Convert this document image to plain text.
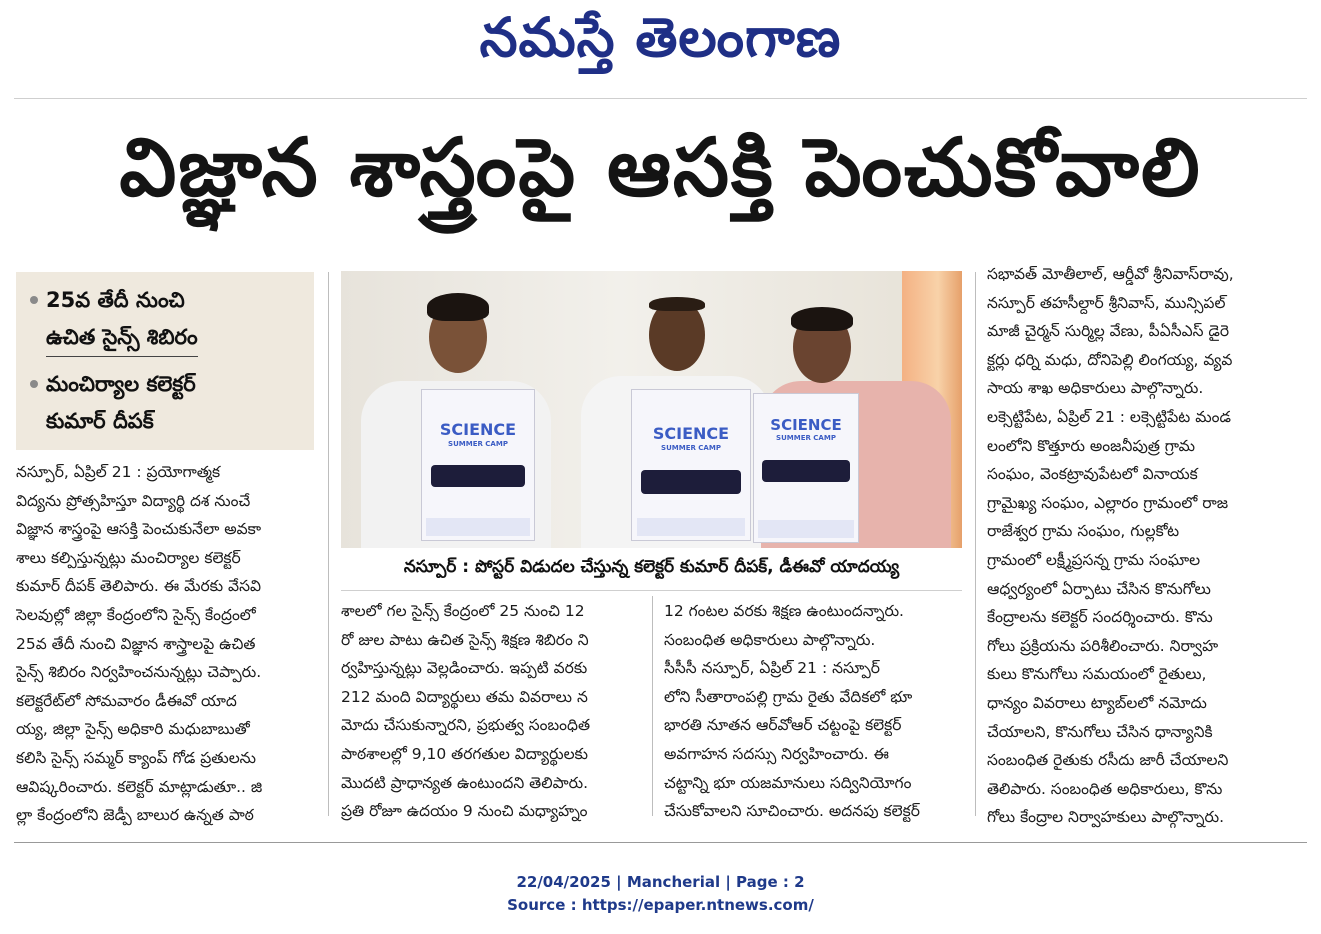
నమస్తే తెలంగాణ
విజ్ఞాన శాస్త్రంపై ఆసక్తి పెంచుకోవాలి
25వ తేదీ నుంచి
ఉచిత సైన్స్ శిబిరం
మంచిర్యాల కలెక్టర్
కుమార్ దీపక్	SCIENCE
SUMMER CAMP
SCIENCE
SUMMER CAMP
SCIENCE
SUMMER CAMP
నస్పూర్ : పోస్టర్ విడుదల చేస్తున్న కలెక్టర్ కుమార్ దీపక్, డీఈవో యాదయ్య
నస్పూర్, ఏప్రిల్ 21 : ప్రయోగాత్మక
విద్యను ప్రోత్సహిస్తూ విద్యార్థి దశ నుంచే
విజ్ఞాన శాస్త్రంపై ఆసక్తి పెంచుకునేలా అవకా
శాలు కల్పిస్తున్నట్లు మంచిర్యాల కలెక్టర్
కుమార్ దీపక్ తెలిపారు. ఈ మేరకు వేసవి
సెలవుల్లో జిల్లా కేంద్రంలోని సైన్స్ కేంద్రంలో
25వ తేదీ నుంచి విజ్ఞాన శాస్త్రాలపై ఉచిత
సైన్స్ శిబిరం నిర్వహించనున్నట్లు చెప్పారు.
కలెక్టరేట్‌లో సోమవారం డీఈవో యాద
య్య, జిల్లా సైన్స్ అధికారి మధుబాబుతో
కలిసి సైన్స్ సమ్మర్ క్యాంప్ గోడ ప్రతులను
ఆవిష్కరించారు. కలెక్టర్ మాట్లాడుతూ.. జి
ల్లా కేంద్రంలోని జెడ్పీ బాలుర ఉన్నత పాఠ
శాలలో గల సైన్స్ కేంద్రంలో 25 నుంచి 12
రో జుల పాటు ఉచిత సైన్స్ శిక్షణ శిబిరం ని
ర్వహిస్తున్నట్లు వెల్లడించారు. ఇప్పటి వరకు
212 మంది విద్యార్థులు తమ వివరాలు న
మోదు చేసుకున్నారని, ప్రభుత్వ సంబంధిత
పాఠశాలల్లో 9,10 తరగతుల విద్యార్థులకు
మొదటి ప్రాధాన్యత ఉంటుందని తెలిపారు.
ప్రతి రోజూ ఉదయం 9 నుంచి మధ్యాహ్నం
12 గంటల వరకు శిక్షణ ఉంటుందన్నారు.
సంబంధిత అధికారులు పాల్గొన్నారు.
సీసీసీ నస్పూర్, ఏప్రిల్ 21 : నస్పూర్
లోని సీతారాంపల్లి గ్రామ రైతు వేదికలో భూ
భారతి నూతన ఆర్‌వోఆర్ చట్టంపై కలెక్టర్
అవగాహన సదస్సు నిర్వహించారు. ఈ
చట్టాన్ని భూ యజమానులు సద్వినియోగం
చేసుకోవాలని సూచించారు. అదనపు కలెక్టర్
సభావత్ మోతీలాల్, ఆర్డీవో శ్రీనివాస్‌రావు,
నస్పూర్ తహసీల్దార్ శ్రీనివాస్, మున్సిపల్
మాజీ చైర్మన్ సుర్మిల్ల వేణు, పీఏసీఎస్ డైరె
క్టర్లు ధర్ని మధు, దోనిపెల్లి లింగయ్య, వ్యవ
సాయ శాఖ అధికారులు పాల్గొన్నారు.
లక్సెట్టిపేట, ఏప్రిల్ 21 : లక్సెట్టిపేట మండ
లంలోని కొత్తూరు అంజనీపుత్ర గ్రామ
సంఘం, వెంకట్రావుపేటలో వినాయక
గ్రామైఖ్య సంఘం, ఎల్లారం గ్రామంలో రాజ
రాజేశ్వర గ్రామ సంఘం, గుల్లకోట
గ్రామంలో లక్ష్మీప్రసన్న గ్రామ సంఘాల
ఆధ్వర్యంలో ఏర్పాటు చేసిన కొనుగోలు
కేంద్రాలను కలెక్టర్ సందర్శించారు. కొను
గోలు ప్రక్రియను పరిశీలించారు. నిర్వాహ
కులు కొనుగోలు సమయంలో రైతులు,
ధాన్యం వివరాలు ట్యాబ్‌లలో నమోదు
చేయాలని, కొనుగోలు చేసిన ధాన్యానికి
సంబంధిత రైతుకు రసీదు జారీ చేయాలని
తెలిపారు. సంబంధిత అధికారులు, కొను
గోలు కేంద్రాల నిర్వాహకులు పాల్గొన్నారు.
22/04/2025 | Mancherial | Page : 2
Source : https://epaper.ntnews.com/
